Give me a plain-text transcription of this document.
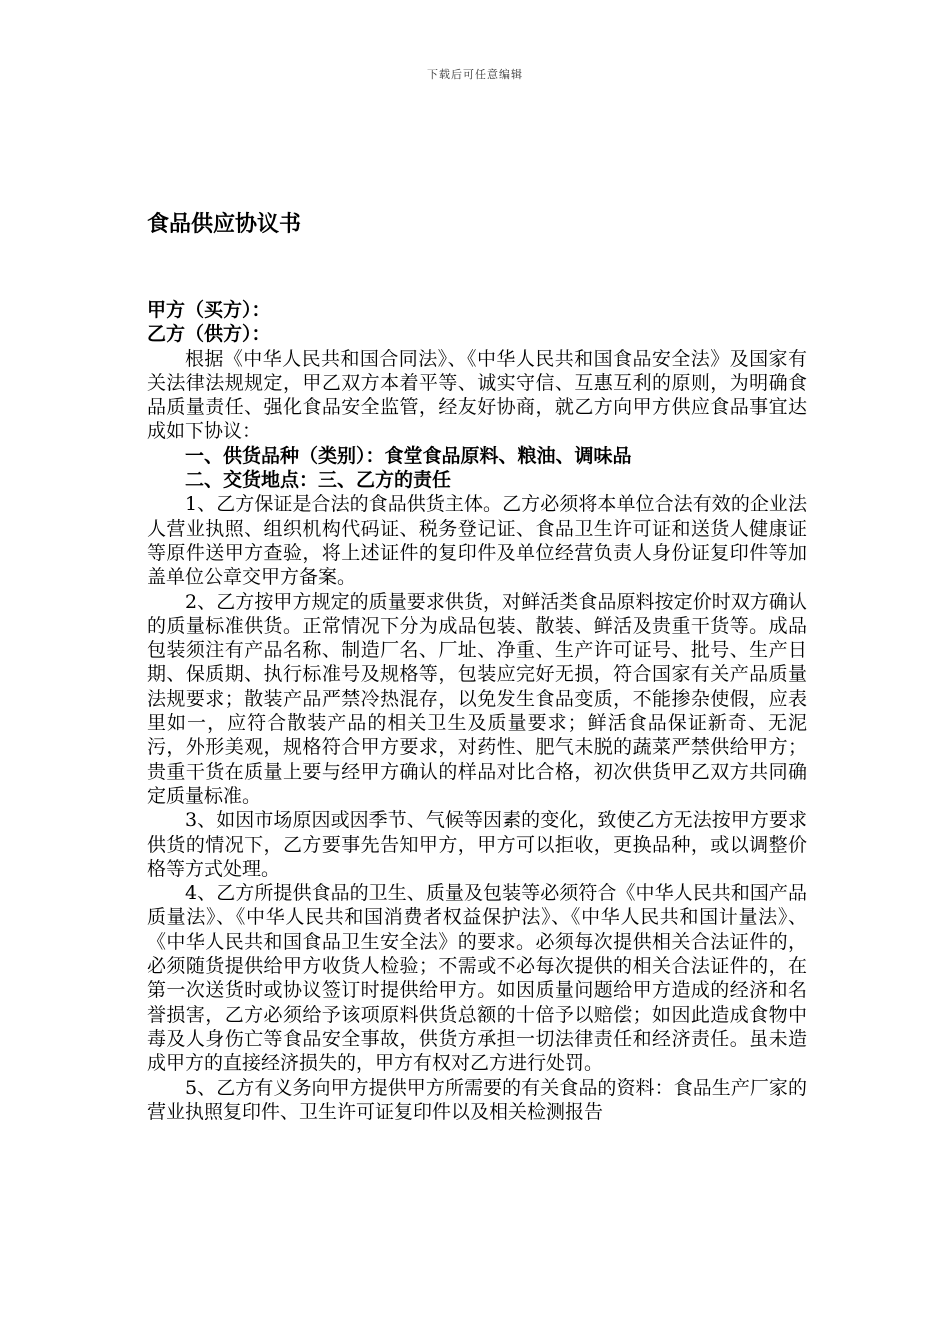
下载后可任意编辑
食品供应协议书

甲方（买方）：

乙方（供方）：

根据《中华人民共和国合同法》、《中华人民共和国食品安全法》及国家有关法律法规规定，甲乙双方本着平等、诚实守信、互惠互利的原则，为明确食品质量责任、强化食品安全监管，经友好协商，就乙方向甲方供应食品事宜达成如下协议：

一、供货品种（类别）：食堂食品原料、粮油、调味品

二、交货地点：三、乙方的责任

1、乙方保证是合法的食品供货主体。乙方必须将本单位合法有效的企业法人营业执照、组织机构代码证、税务登记证、食品卫生许可证和送货人健康证等原件送甲方查验，将上述证件的复印件及单位经营负责人身份证复印件等加盖单位公章交甲方备案。

2、乙方按甲方规定的质量要求供货，对鲜活类食品原料按定价时双方确认的质量标准供货。正常情况下分为成品包装、散装、鲜活及贵重干货等。成品包装须注有产品名称、制造厂名、厂址、净重、生产许可证号、批号、生产日期、保质期、执行标准号及规格等，包装应完好无损，符合国家有关产品质量法规要求；散装产品严禁冷热混存，以免发生食品变质，不能掺杂使假，应表里如一，应符合散装产品的相关卫生及质量要求；鲜活食品保证新奇、无泥污，外形美观，规格符合甲方要求，对药性、肥气未脱的蔬菜严禁供给甲方；贵重干货在质量上要与经甲方确认的样品对比合格，初次供货甲乙双方共同确定质量标准。

3、如因市场原因或因季节、气候等因素的变化，致使乙方无法按甲方要求供货的情况下，乙方要事先告知甲方，甲方可以拒收，更换品种，或以调整价格等方式处理。

4、乙方所提供食品的卫生、质量及包装等必须符合《中华人民共和国产品质量法》、《中华人民共和国消费者权益保护法》、《中华人民共和国计量法》、《中华人民共和国食品卫生安全法》的要求。必须每次提供相关合法证件的，必须随货提供给甲方收货人检验；不需或不必每次提供的相关合法证件的，在第一次送货时或协议签订时提供给甲方。如因质量问题给甲方造成的经济和名誉损害，乙方必须给予该项原料供货总额的十倍予以赔偿；如因此造成食物中毒及人身伤亡等食品安全事故，供货方承担一切法律责任和经济责任。虽未造成甲方的直接经济损失的，甲方有权对乙方进行处罚。

5、乙方有义务向甲方提供甲方所需要的有关食品的资料：食品生产厂家的营业执照复印件、卫生许可证复印件以及相关检测报告
